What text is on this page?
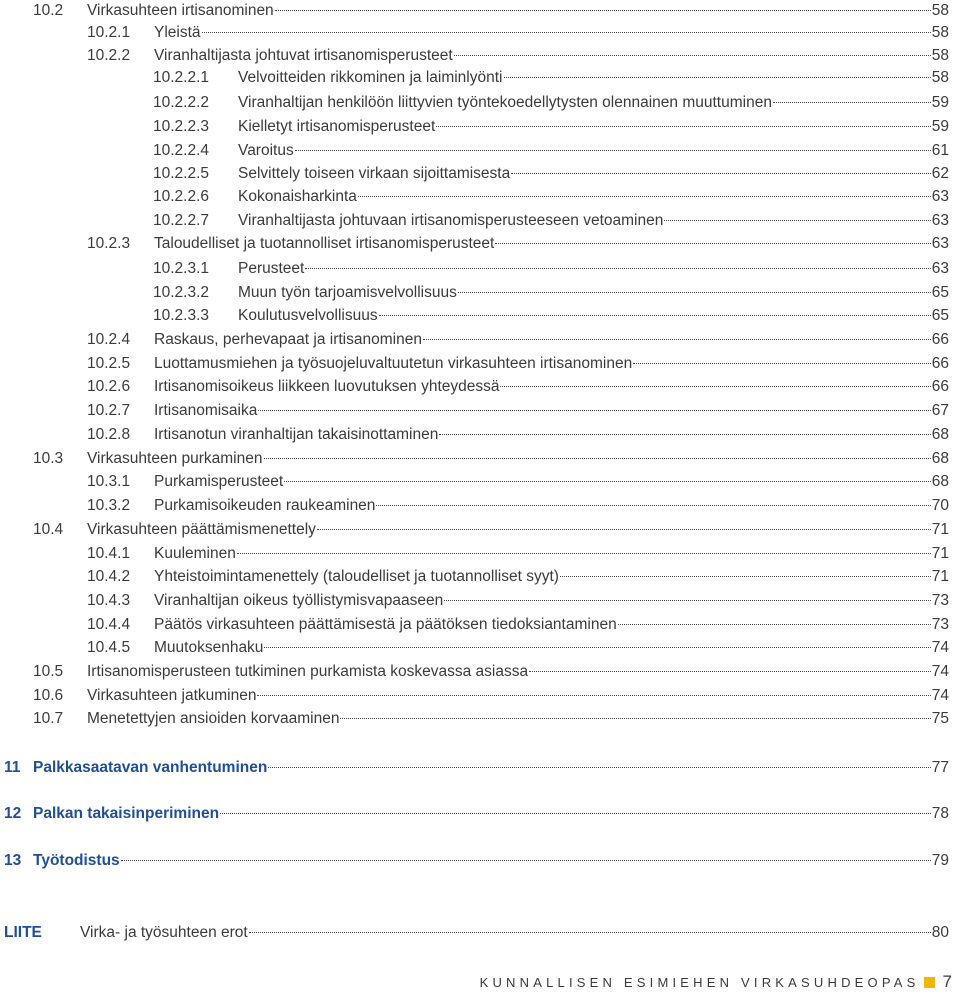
10.2	Virkasuhteen irtisanominen	58
10.2.1	Yleistä	58
10.2.2	Viranhaltijasta johtuvat irtisanomisperusteet	58
10.2.2.1	Velvoitteiden rikkominen ja laiminlyönti	58
10.2.2.2	Viranhaltijan henkilöön liittyvien työntekoedellytysten olennainen muuttuminen	59
10.2.2.3	Kielletyt irtisanomisperusteet	59
10.2.2.4	Varoitus	61
10.2.2.5	Selvittely toiseen virkaan sijoittamisesta	62
10.2.2.6	Kokonaisharkinta	63
10.2.2.7	Viranhaltijasta johtuvaan irtisanomisperusteeseen vetoaminen	63
10.2.3	Taloudelliset ja tuotannolliset irtisanomisperusteet	63
10.2.3.1	Perusteet	63
10.2.3.2	Muun työn tarjoamisvelvollisuus	65
10.2.3.3	Koulutusvelvollisuus	65
10.2.4	Raskaus, perhevapaat ja irtisanominen	66
10.2.5	Luottamusmiehen ja työsuojeluvaltuutetun virkasuhteen irtisanominen	66
10.2.6	Irtisanomisoikeus liikkeen luovutuksen yhteydessä	66
10.2.7	Irtisanomisaika	67
10.2.8	Irtisanotun viranhaltijan takaisinottaminen	68
10.3	Virkasuhteen purkaminen	68
10.3.1	Purkamisperusteet	68
10.3.2	Purkamisoikeuden raukeaminen	70
10.4	Virkasuhteen päättämismenettely	71
10.4.1	Kuuleminen	71
10.4.2	Yhteistoimintamenettely (taloudelliset ja tuotannolliset syyt)	71
10.4.3	Viranhaltijan oikeus työllistymisvapaaseen	73
10.4.4	Päätös virkasuhteen päättämisestä ja päätöksen tiedoksiantaminen	73
10.4.5	Muutoksenhaku	74
10.5	Irtisanomisperusteen tutkiminen purkamista koskevassa asiassa	74
10.6	Virkasuhteen jatkuminen	74
10.7	Menetettyjen ansioiden korvaaminen	75
11 Palkkasaatavan vanhentuminen	77
12 Palkan takaisinperiminen	78
13 Työtodistus	79
LIITE	Virka- ja työsuhteen erot	80
KUNNALLISEN ESIMIEHEN VIRKASUHDEOPAS 7
